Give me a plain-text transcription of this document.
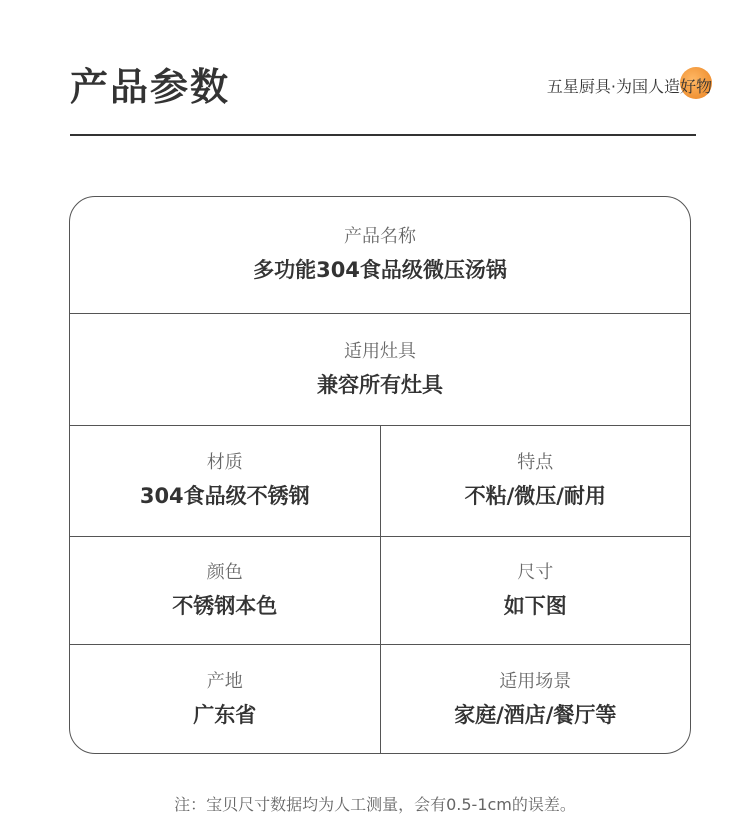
产品参数	五星厨具·为国人造好物
产品名称
多功能304食品级微压汤锅
适用灶具
兼容所有灶具
材质
304食品级不锈钢
特点
不粘/微压/耐用
颜色
不锈钢本色
尺寸
如下图
产地
广东省
适用场景
家庭/酒店/餐厅等
注：宝贝尺寸数据均为人工测量，会有0.5-1cm的误差。
